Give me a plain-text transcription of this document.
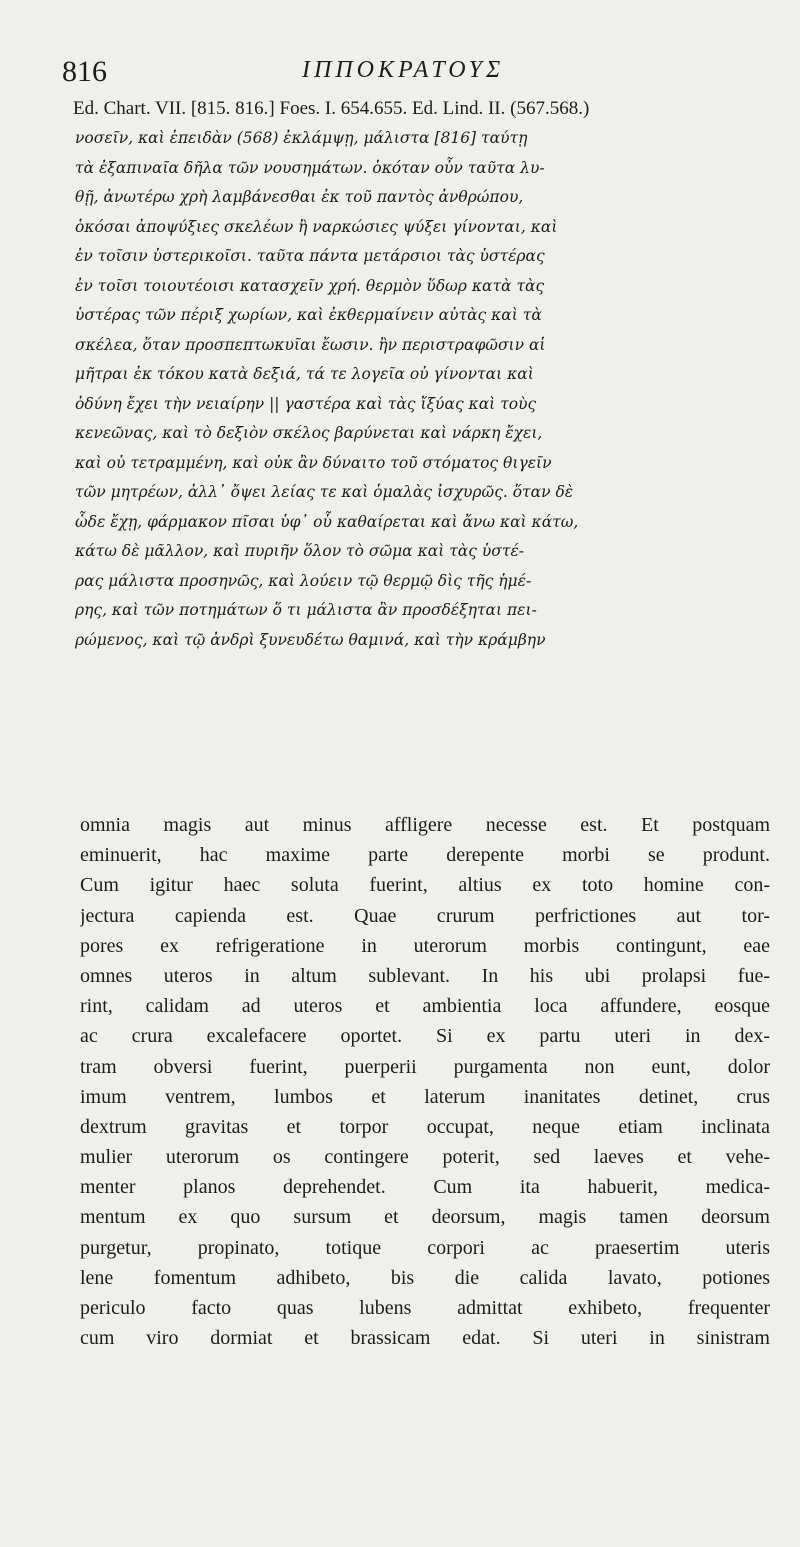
816	ΙΠΠΟΚΡΑΤΟΥΣ
Ed. Chart. VII. [815. 816.] Foes. I. 654.655. Ed. Lind. II. (567.568.)
νοσεῖν, καὶ ἐπειδὰν (568) ἐκλάμψῃ, μάλιστα [816] ταύτῃ
τὰ ἐξαπιναῖα δῆλα τῶν νουσημάτων. ὁκόταν οὖν ταῦτα λυ-
θῇ, ἀνωτέρω χρὴ λαμβάνεσθαι ἐκ τοῦ παντὸς ἀνθρώπου,
ὁκόσαι ἀποψύξιες σκελέων ἢ ναρκώσιες ψύξει γίνονται, καὶ
ἐν τοῖσιν ὑστερικοῖσι. ταῦτα πάντα μετάρσιοι τὰς ὑστέρας
ἐν τοῖσι τοιουτέοισι κατασχεῖν χρή. θερμὸν ὕδωρ κατὰ τὰς
ὑστέρας τῶν πέριξ χωρίων, καὶ ἐκθερμαίνειν αὐτὰς καὶ τὰ
σκέλεα, ὅταν προσπεπτωκυῖαι ἔωσιν. ἢν περιστραφῶσιν αἱ
μῆτραι ἐκ τόκου κατὰ δεξιά, τά τε λογεῖα οὐ γίνονται καὶ
ὀδύνη ἔχει τὴν νειαίρην || γαστέρα καὶ τὰς ἴξύας καὶ τοὺς
κενεῶνας, καὶ τὸ δεξιὸν σκέλος βαρύνεται καὶ νάρκη ἔχει,
καὶ οὐ τετραμμένη, καὶ οὐκ ἂν δύναιτο τοῦ στόματος θιγεῖν
τῶν μητρέων, ἀλλ᾽ ὄψει λείας τε καὶ ὁμαλὰς ἰσχυρῶς. ὅταν δὲ
ὧδε ἔχῃ, φάρμακον πῖσαι ὑφ᾽ οὗ καθαίρεται καὶ ἄνω καὶ κάτω,
κάτω δὲ μᾶλλον, καὶ πυριῆν ὅλον τὸ σῶμα καὶ τὰς ὑστέ-
ρας μάλιστα προσηνῶς, καὶ λούειν τῷ θερμῷ δὶς τῆς ἡμέ-
ρης, καὶ τῶν ποτημάτων ὅ τι μάλιστα ἂν προσδέξηται πει-
ρώμενος, καὶ τῷ ἀνδρὶ ξυνευδέτω θαμινά, καὶ τὴν κράμβην
omnia magis aut minus affligere necesse est. Et postquam
eminuerit, hac maxime parte derepente morbi se produnt.
Cum igitur haec soluta fuerint, altius ex toto homine con-
jectura capienda est. Quae crurum perfrictiones aut tor-
pores ex refrigeratione in uterorum morbis contingunt, eae
omnes uteros in altum sublevant. In his ubi prolapsi fue-
rint, calidam ad uteros et ambientia loca affundere, eosque
ac crura excalefacere oportet. Si ex partu uteri in dex-
tram obversi fuerint, puerperii purgamenta non eunt, dolor
imum ventrem, lumbos et laterum inanitates detinet, crus
dextrum gravitas et torpor occupat, neque etiam inclinata
mulier uterorum os contingere poterit, sed laeves et vehe-
menter planos deprehendet. Cum ita habuerit, medica-
mentum ex quo sursum et deorsum, magis tamen deorsum
purgetur, propinato, totique corpori ac praesertim uteris
lene fomentum adhibeto, bis die calida lavato, potiones
periculo facto quas lubens admittat exhibeto, frequenter
cum viro dormiat et brassicam edat. Si uteri in sinistram
